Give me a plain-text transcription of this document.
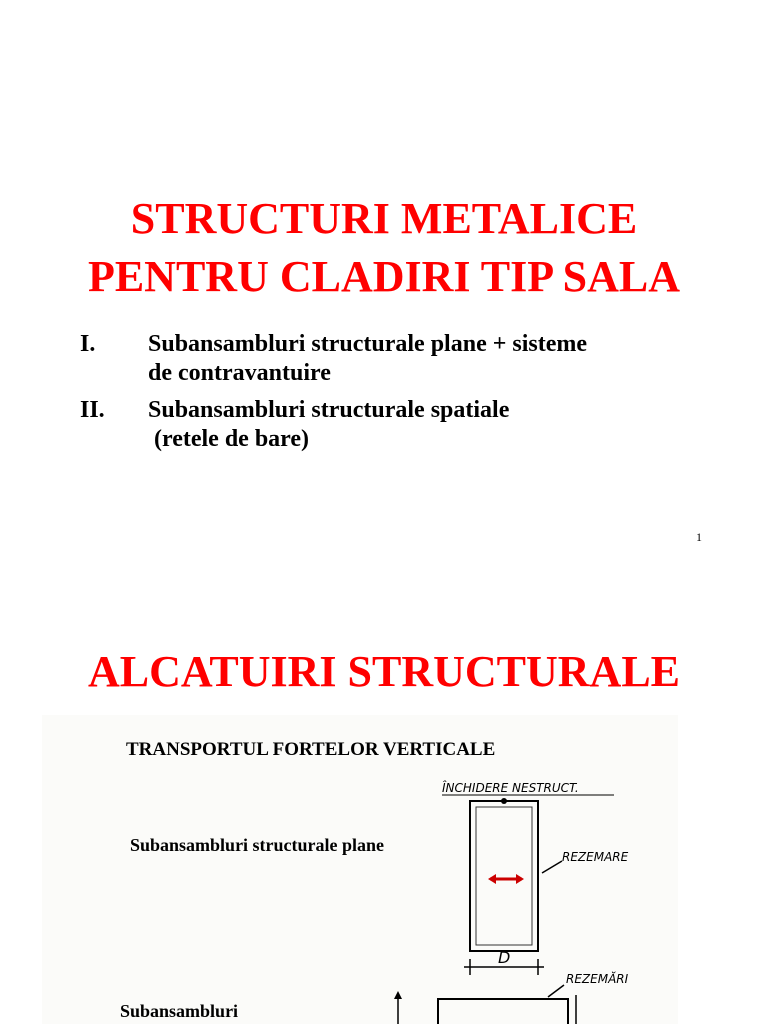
STRUCTURI METALICE
PENTRU CLADIRI TIP SALA
I. Subansambluri structurale plane + sisteme
de contravantuire
II. Subansambluri structurale spatiale
(retele de bare)
1
ALCATUIRI STRUCTURALE
ÎNCHIDERE NESTRUCT.
REZEMARE
D
REZEMĂRI
TRANSPORTUL FORTELOR VERTICALE
Subansambluri structurale plane
Subansambluri
